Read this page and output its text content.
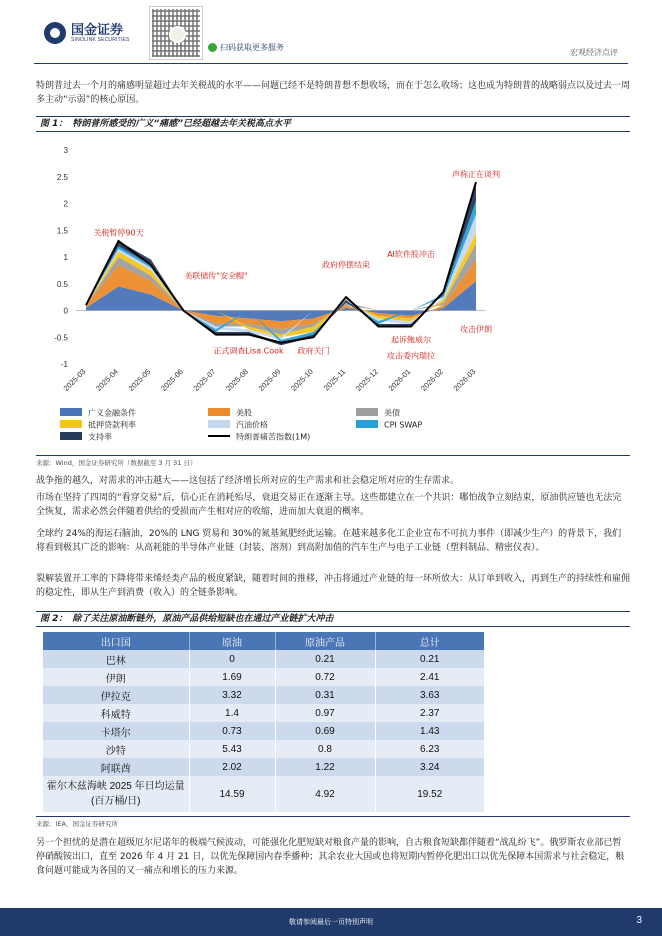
国金证券
SINOLINK SECURITIES
扫码获取更多服务
宏观经济点评
特朗普过去一个月的痛感明显超过去年关税战的水平——问题已经不是特朗普想不想收场，而在于怎么收场；这也成为特朗普的战略弱点以及过去一周多主动“示弱”的核心原因。
图 1： 特朗普所感受的广义“痛感”已经超越去年关税高点水平
3
2.5
2
1.5
1
0.5
0
-0.5
-1
2025-03 2025-04 2025-05 2025-06 2025-07 2025-08 2025-09 2025-10 2025-11 2025-12 2026-01 2026-02 2026-03
关税暂停90天
美联储传"安全帽"
正式调查Lisa Cook
政府停摆结束
政府关门
AI软件股冲击
起诉鲍威尔
攻击委内瑞拉
攻击伊朗
声称正在谈判
广义金融条件	美股	美债
抵押贷款利率	汽油价格	CPI SWAP
支持率	特朗普痛苦指数(1M)
来源：Wind，国金证券研究所（数据截至 3 月 31 日）
战争拖的越久，对需求的冲击越大——这包括了经济增长所对应的生产需求和社会稳定所对应的生存需求。
市场在坚持了四周的“看穿交易”后，信心正在消耗殆尽，衰退交易正在逐渐主导。这些都建立在一个共识：哪怕战争立刻结束，原油供应链也无法完全恢复，需求必然会伴随着供给的受损而产生相对应的收缩，进而加大衰退的概率。
全球约 24%的海运石脑油，20%的 LNG 贸易和 30%的氮基氮肥经此运输。在越来越多化工企业宣布不可抗力事件（即减少生产）的背景下，我们将看到极其广泛的影响：从高耗能的半导体产业链（封装、溶剂）到高附加值的汽车生产与电子工业链（塑料制品、精密仪表）。
裂解装置开工率的下降将带来烯烃类产品的极度紧缺，随着时间的推移，冲击将通过产业链的每一环所放大：从订单到收入，再到生产的持续性和雇佣的稳定性，即从生产到消费（收入）的全链条影响。
图 2： 除了关注原油断链外，原油产品供给短缺也在通过产业链扩大冲击
出口国	原油	原油产品	总计
巴林	0	0.21	0.21
伊朗	1.69	0.72	2.41
伊拉克	3.32	0.31	3.63
科威特	1.4	0.97	2.37
卡塔尔	0.73	0.69	1.43
沙特	5.43	0.8	6.23
阿联酋	2.02	1.22	3.24

霍尔木兹海峡 2025 年日均运量
(百万桶/日)	14.59	4.92	19.52
来源：IEA，国金证券研究所
另一个担忧的是潜在超级厄尔尼诺年的极端气候波动，可能强化化肥短缺对粮食产量的影响，自古粮食短缺都伴随着“战乱纷飞”。俄罗斯农业部已暂停硝酸铵出口，直至 2026 年 4 月 21 日，以优先保障国内春季播种；其余农业大国或也将短期内暂停化肥出口以优先保障本国需求与社会稳定，粮食问题可能成为各国的又一痛点和增长的压力来源。
敬请参阅最后一页特别声明	3
